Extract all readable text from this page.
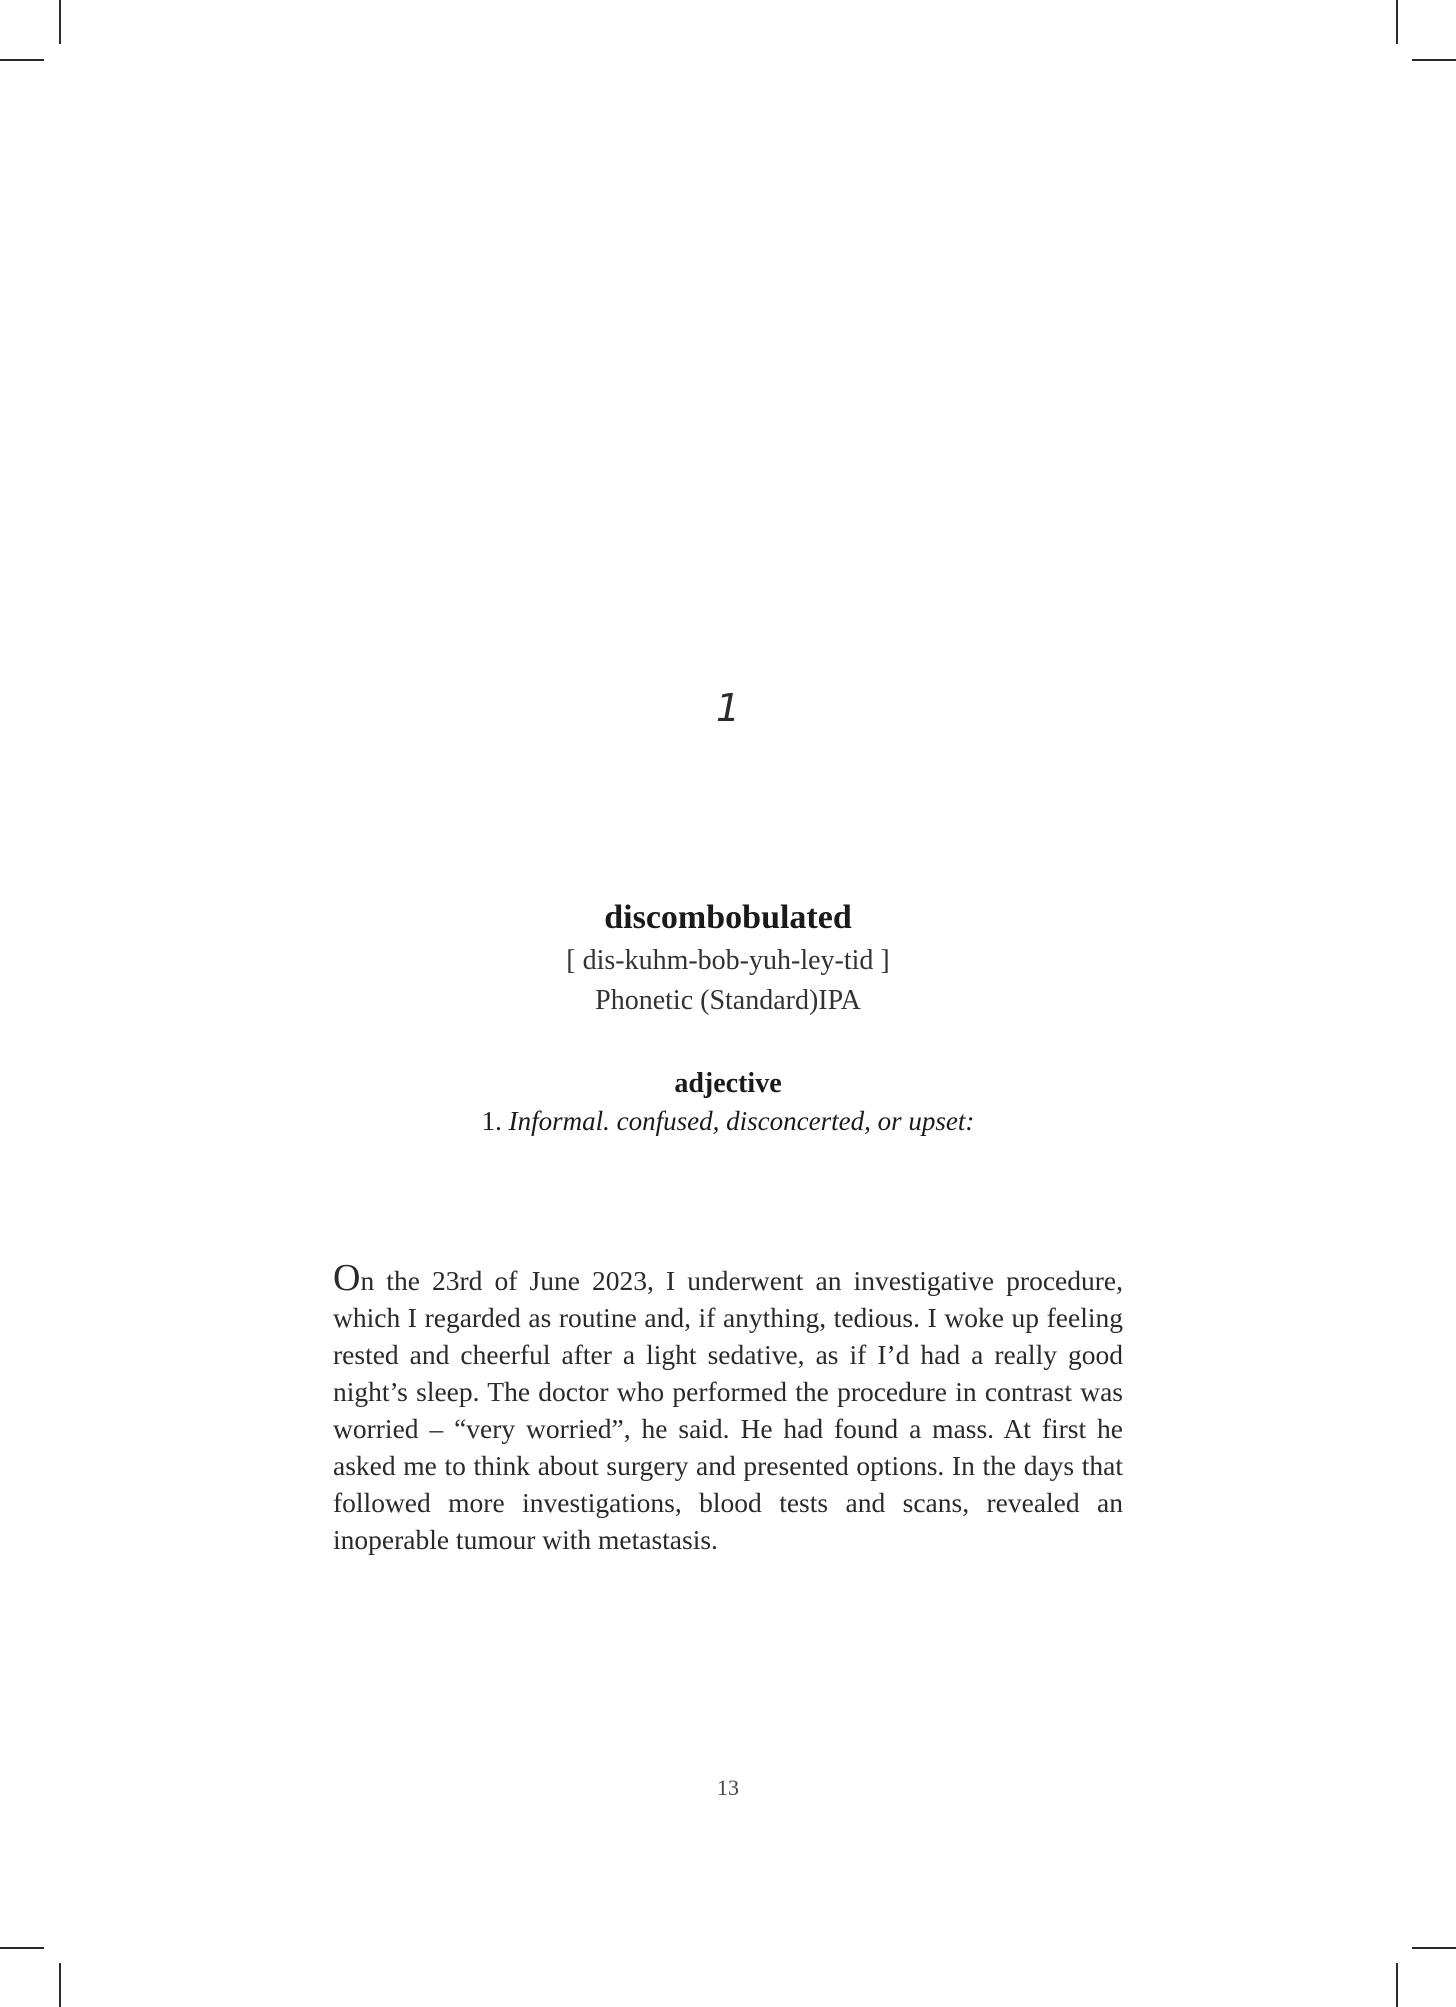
1
discombobulated
[ dis-kuhm-bob-yuh-ley-tid ]
Phonetic (Standard)IPA
adjective
1. Informal. confused, disconcerted, or upset:

On the 23rd of June 2023, I underwent an investigative procedure, which I regarded as routine and, if anything, tedious. I woke up feeling rested and cheerful after a light sedative, as if I’d had a really good night’s sleep. The doctor who performed the procedure in contrast was worried – “very worried”, he said. He had found a mass. At first he asked me to think about surgery and presented options. In the days that followed more investigations, blood tests and scans, revealed an inoperable tumour with metastasis.

13
